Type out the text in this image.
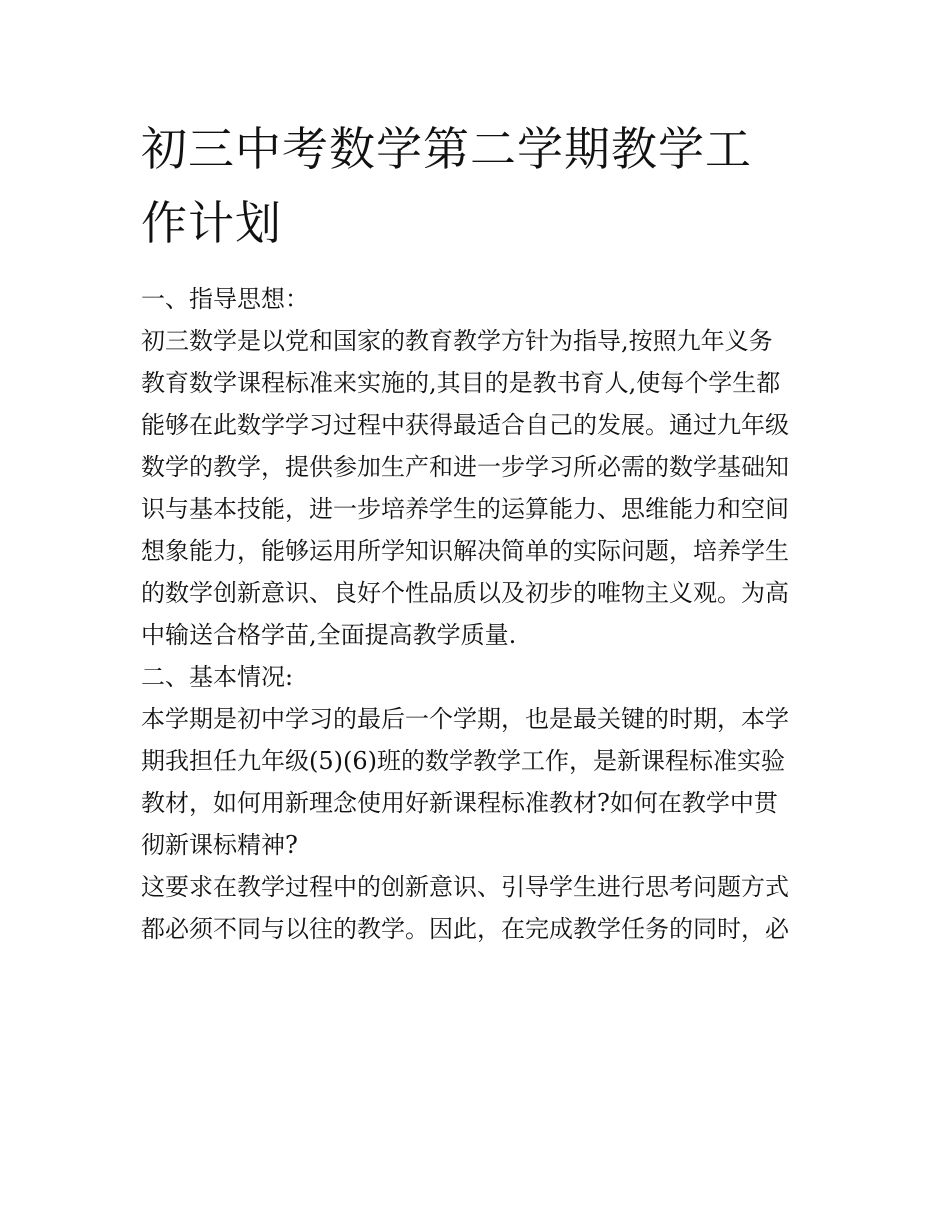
初三中考数学第二学期教学工
作计划
一、指导思想：
初三数学是以党和国家的教育教学方针为指导,按照九年义务
教育数学课程标准来实施的,其目的是教书育人,使每个学生都
能够在此数学学习过程中获得最适合自己的发展。通过九年级
数学的教学，提供参加生产和进一步学习所必需的数学基础知
识与基本技能，进一步培养学生的运算能力、思维能力和空间
想象能力，能够运用所学知识解决简单的实际问题，培养学生
的数学创新意识、良好个性品质以及初步的唯物主义观。为高
中输送合格学苗,全面提高教学质量.
二、基本情况:
本学期是初中学习的最后一个学期，也是最关键的时期，本学
期我担任九年级(5)(6)班的数学教学工作，是新课程标准实验
教材，如何用新理念使用好新课程标准教材?如何在教学中贯
彻新课标精神?
这要求在教学过程中的创新意识、引导学生进行思考问题方式
都必须不同与以往的教学。因此，在完成教学任务的同时，必
